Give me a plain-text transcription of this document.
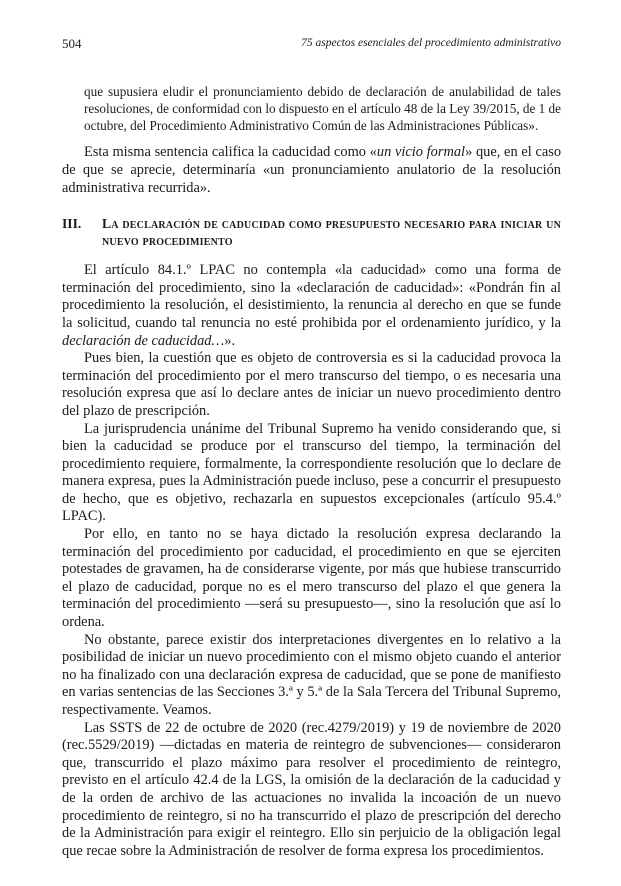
504	75 aspectos esenciales del procedimiento administrativo

que supusiera eludir el pronunciamiento debido de declaración de anulabilidad de tales resoluciones, de conformidad con lo dispuesto en el artículo 48 de la Ley 39/2015, de 1 de octubre, del Procedimiento Administrativo Común de las Administraciones Públicas».

Esta misma sentencia califica la caducidad como «un vicio formal» que, en el caso de que se aprecie, determinaría «un pronunciamiento anulatorio de la resolución administrativa recurrida».

III. La declaración de caducidad como presupuesto necesario para iniciar un nuevo procedimiento

El artículo 84.1.º LPAC no contempla «la caducidad» como una forma de terminación del procedimiento, sino la «declaración de caducidad»: «Pondrán fin al procedimiento la resolución, el desistimiento, la renuncia al derecho en que se funde la solicitud, cuando tal renuncia no esté prohibida por el ordenamiento jurídico, y la declaración de caducidad…».

Pues bien, la cuestión que es objeto de controversia es si la caducidad provoca la terminación del procedimiento por el mero transcurso del tiempo, o es necesaria una resolución expresa que así lo declare antes de iniciar un nuevo procedimiento dentro del plazo de prescripción.

La jurisprudencia unánime del Tribunal Supremo ha venido considerando que, si bien la caducidad se produce por el transcurso del tiempo, la terminación del procedimiento requiere, formalmente, la correspondiente resolución que lo declare de manera expresa, pues la Administración puede incluso, pese a concurrir el presupuesto de hecho, que es objetivo, rechazarla en supuestos excepcionales (artículo 95.4.º LPAC).

Por ello, en tanto no se haya dictado la resolución expresa declarando la terminación del procedimiento por caducidad, el procedimiento en que se ejerciten potestades de gravamen, ha de considerarse vigente, por más que hubiese transcurrido el plazo de caducidad, porque no es el mero transcurso del plazo el que genera la terminación del procedimiento —será su presupuesto—, sino la resolución que así lo ordena.

No obstante, parece existir dos interpretaciones divergentes en lo relativo a la posibilidad de iniciar un nuevo procedimiento con el mismo objeto cuando el anterior no ha finalizado con una declaración expresa de caducidad, que se pone de manifiesto en varias sentencias de las Secciones 3.ª y 5.ª de la Sala Tercera del Tribunal Supremo, respectivamente. Veamos.

Las SSTS de 22 de octubre de 2020 (rec.4279/2019) y 19 de noviembre de 2020 (rec.5529/2019) —dictadas en materia de reintegro de subvenciones— consideraron que, transcurrido el plazo máximo para resolver el procedimiento de reintegro, previsto en el artículo 42.4 de la LGS, la omisión de la declaración de la caducidad y de la orden de archivo de las actuaciones no invalida la incoación de un nuevo procedimiento de reintegro, si no ha transcurrido el plazo de prescripción del derecho de la Administración para exigir el reintegro. Ello sin perjuicio de la obligación legal que recae sobre la Administración de resolver de forma expresa los procedimientos.
